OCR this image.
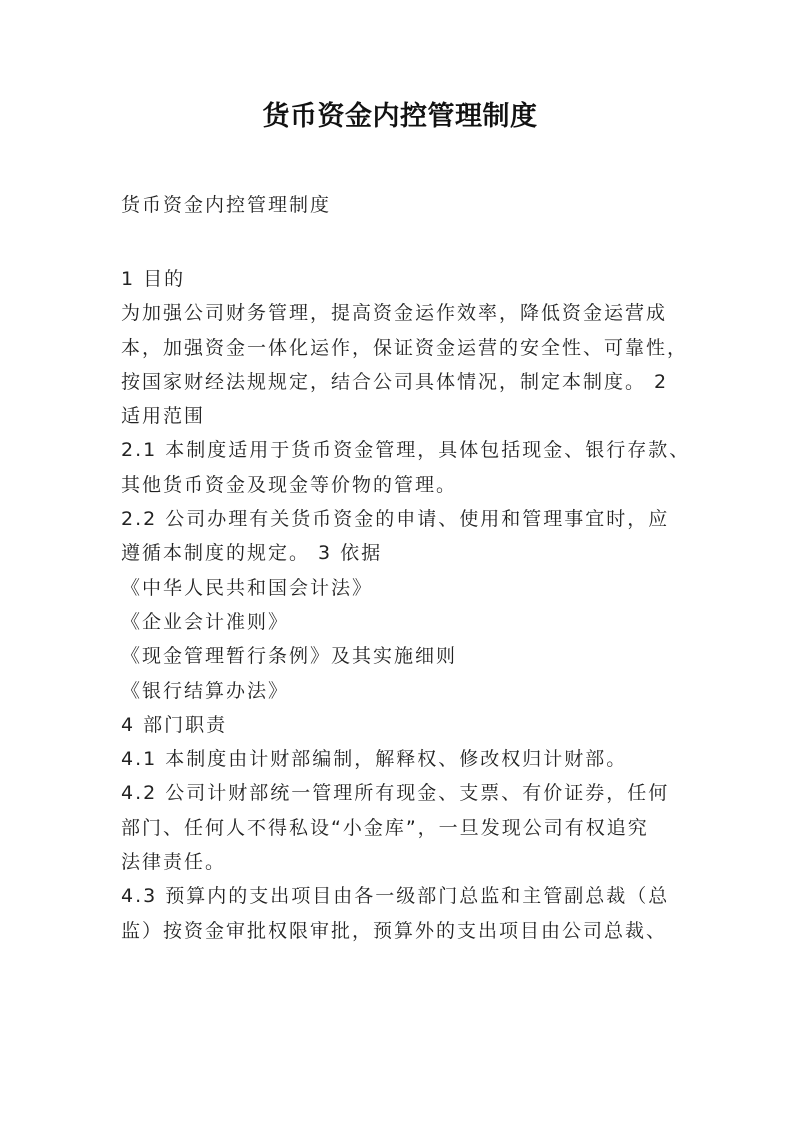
货币资金内控管理制度
货币资金内控管理制度
1 目的
为加强公司财务管理，提高资金运作效率，降低资金运营成
本，加强资金一体化运作，保证资金运营的安全性、可靠性，
按国家财经法规规定，结合公司具体情况，制定本制度。 2
适用范围
2.1 本制度适用于货币资金管理，具体包括现金、银行存款、
其他货币资金及现金等价物的管理。
2.2 公司办理有关货币资金的申请、使用和管理事宜时，应
遵循本制度的规定。 3 依据
《中华人民共和国会计法》
《企业会计准则》
《现金管理暂行条例》及其实施细则
《银行结算办法》
4 部门职责
4.1 本制度由计财部编制，解释权、修改权归计财部。
4.2 公司计财部统一管理所有现金、支票、有价证券，任何
部门、任何人不得私设“小金库”，一旦发现公司有权追究
法律责任。
4.3 预算内的支出项目由各一级部门总监和主管副总裁（总
监）按资金审批权限审批，预算外的支出项目由公司总裁、
